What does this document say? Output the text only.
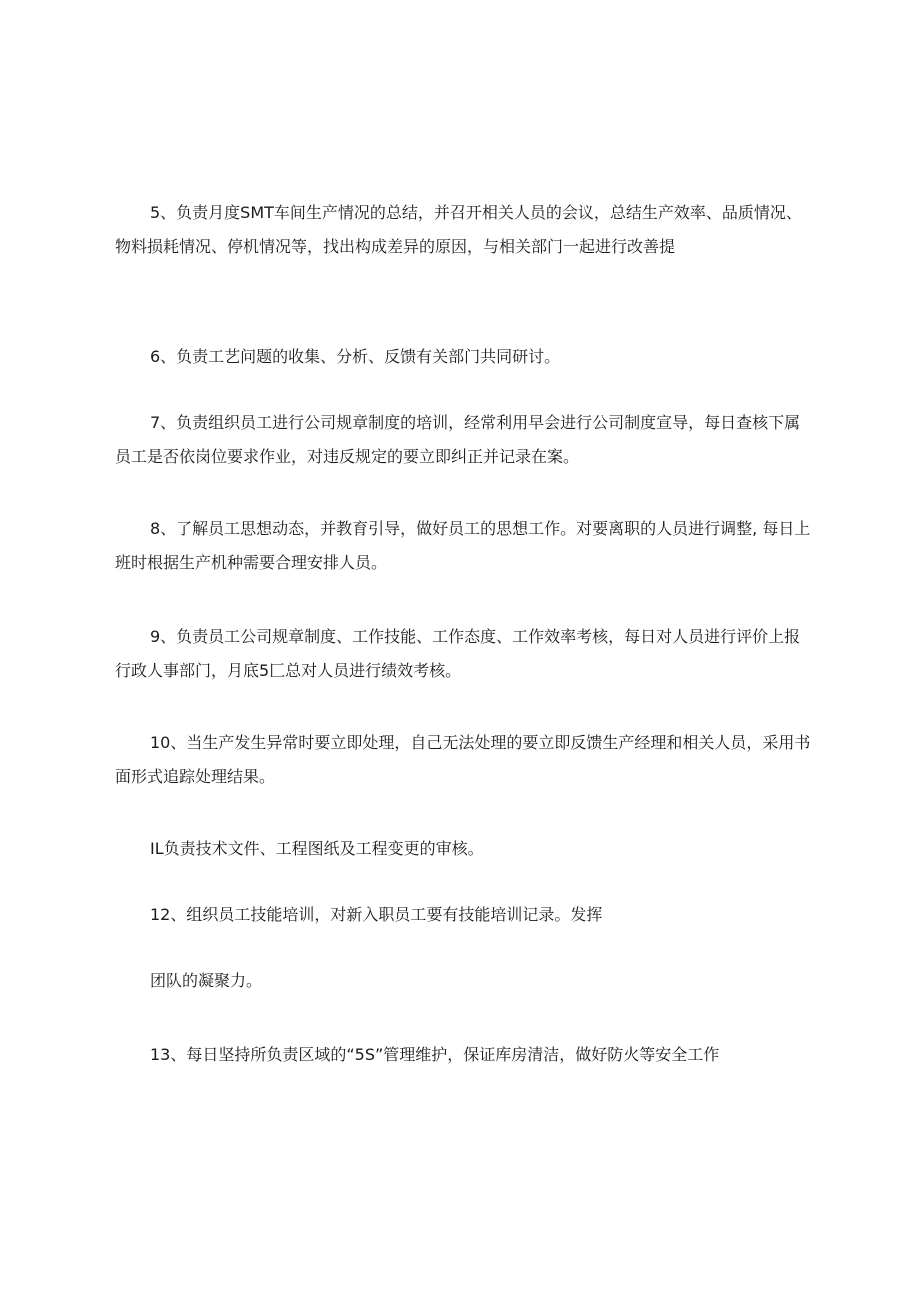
5、负责月度SMT车间生产情况的总结，并召开相关人员的会议，总结生产效率、品质情况、物料损耗情况、停机情况等，找出构成差异的原因，与相关部门一起进行改善提

6、负责工艺问题的收集、分析、反馈有关部门共同研讨。

7、负责组织员工进行公司规章制度的培训，经常利用早会进行公司制度宣导，每日查核下属员工是否依岗位要求作业，对违反规定的要立即纠正并记录在案。

8、了解员工思想动态，并教育引导，做好员工的思想工作。对要离职的人员进行调整, 每日上班时根据生产机种需要合理安排人员。

9、负责员工公司规章制度、工作技能、工作态度、工作效率考核，每日对人员进行评价上报行政人事部门，月底5匚总对人员进行绩效考核。

10、当生产发生异常时要立即处理，自己无法处理的要立即反馈生产经理和相关人员，采用书面形式追踪处理结果。

IL负责技术文件、工程图纸及工程变更的审核。

12、组织员工技能培训，对新入职员工要有技能培训记录。发挥

团队的凝聚力。

13、每日坚持所负责区域的“5S”管理维护，保证库房清洁，做好防火等安全工作
